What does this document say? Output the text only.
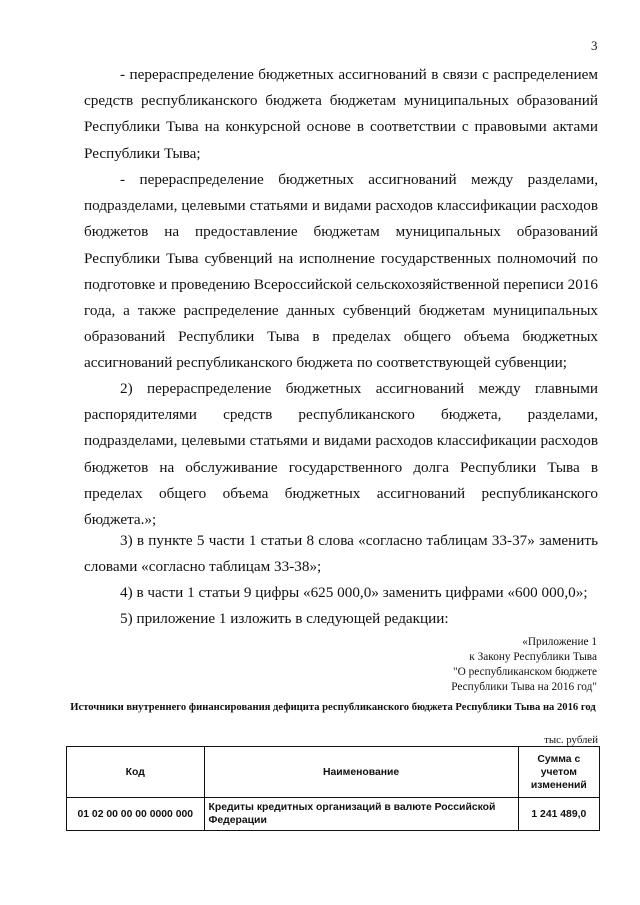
3

- перераспределение бюджетных ассигнований в связи с распределением средств республиканского бюджета бюджетам муниципальных образований Республики Тыва на конкурсной основе в соответствии с правовыми актами Республики Тыва;

- перераспределение бюджетных ассигнований между разделами, подразделами, целевыми статьями и видами расходов классификации расходов бюджетов на предоставление бюджетам муниципальных образований Республики Тыва субвенций на исполнение государственных полномочий по подготовке и проведению Всероссийской сельскохозяйственной переписи 2016 года, а также распределение данных субвенций бюджетам муниципальных образований Республики Тыва в пределах общего объема бюджетных ассигнований республиканского бюджета по соответствующей субвенции;

2) перераспределение бюджетных ассигнований между главными распорядителями средств республиканского бюджета, разделами, подразделами, целевыми статьями и видами расходов классификации расходов бюджетов на обслуживание государственного долга Республики Тыва в пределах общего объема бюджетных ассигнований республиканского бюджета.»;

3) в пункте 5 части 1 статьи 8 слова «согласно таблицам 33-37» заменить словами «согласно таблицам 33-38»;

4) в части 1 статьи 9 цифры «625 000,0» заменить цифрами «600 000,0»;

5) приложение 1 изложить в следующей редакции:

«Приложение 1
к Закону Республики Тыва
"О республиканском бюджете
Республики Тыва на 2016 год"
Источники внутреннего финансирования дефицита республиканского бюджета Республики Тыва на 2016 год
тыс. рублей
Код	Наименование	Сумма с учетом изменений
01 02 00 00 00 0000 000	Кредиты кредитных организаций в валюте Российской Федерации	1 241 489,0
